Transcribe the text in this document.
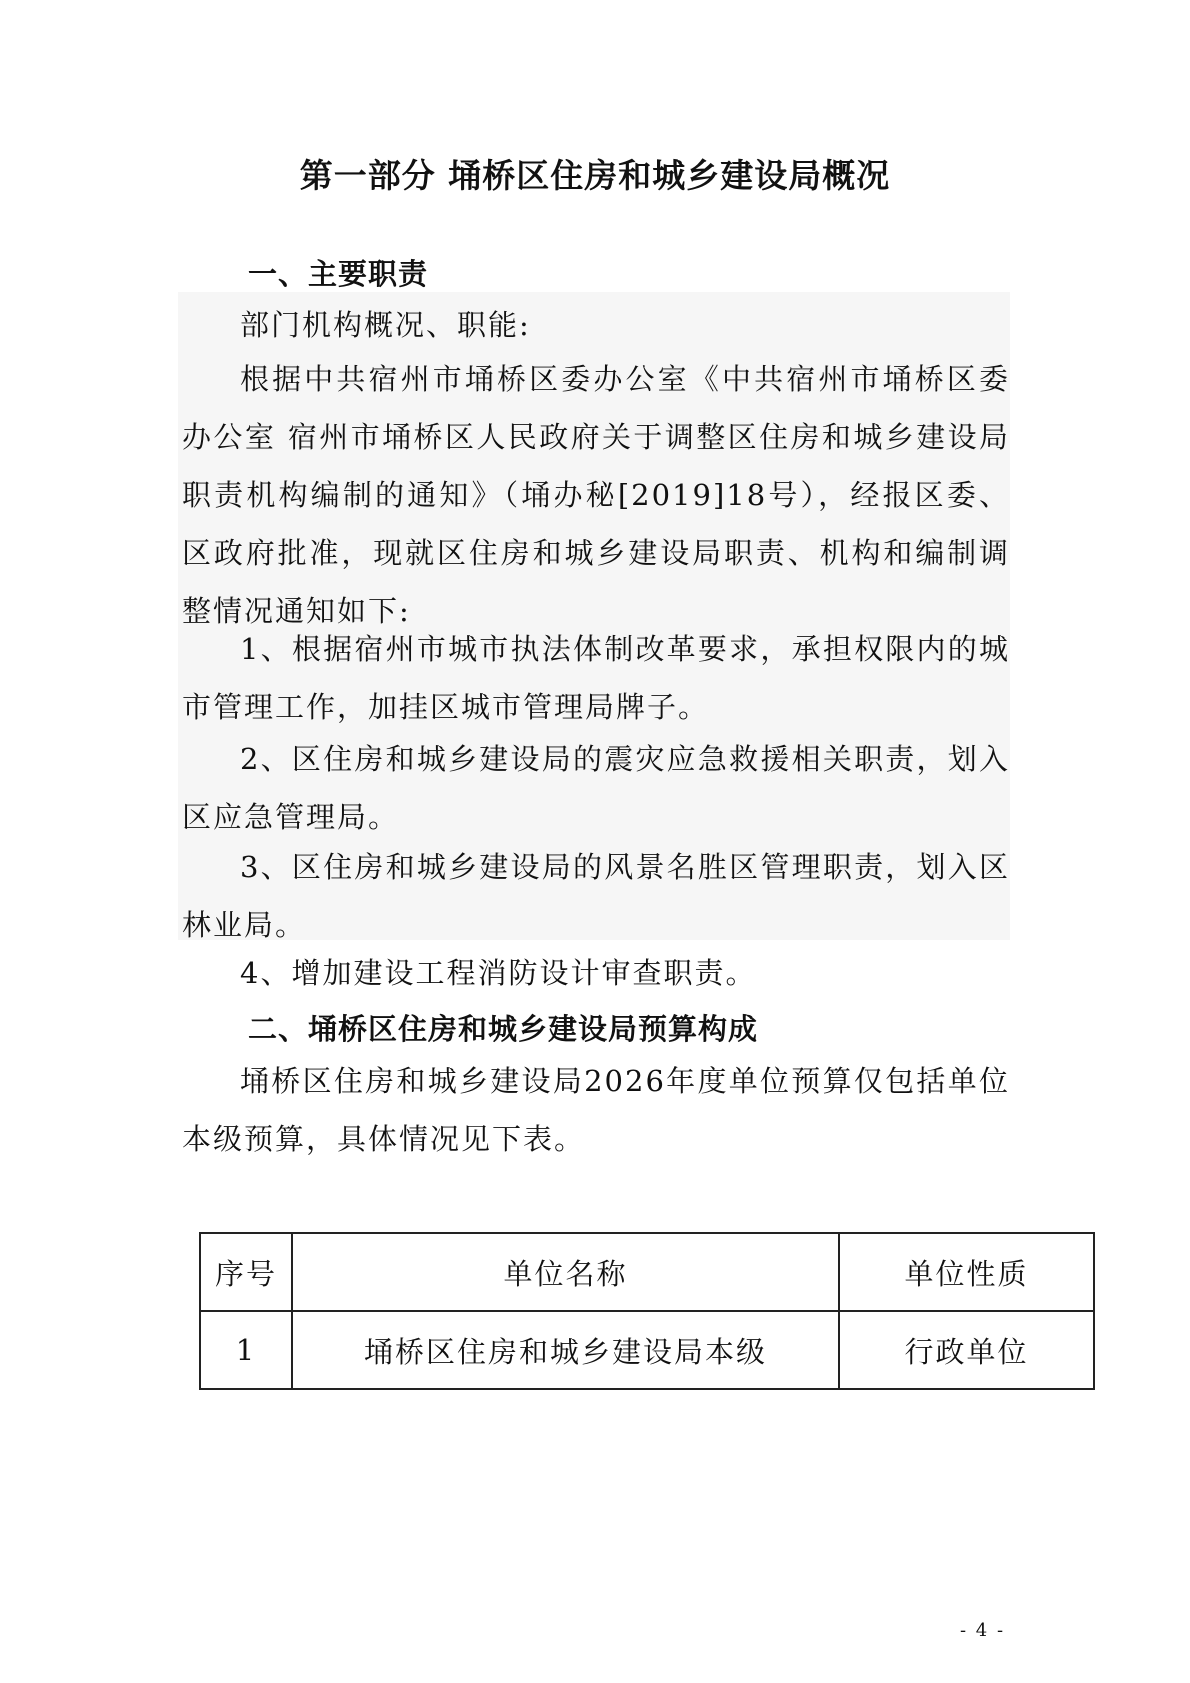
第一部分 埇桥区住房和城乡建设局概况
一、主要职责

部门机构概况、职能:

根据中共宿州市埇桥区委办公室《中共宿州市埇桥区委办公室 宿州市埇桥区人民政府关于调整区住房和城乡建设局职责机构编制的通知》（埇办秘[2019]18号），经报区委、区政府批准，现就区住房和城乡建设局职责、机构和编制调整情况通知如下:

1、根据宿州市城市执法体制改革要求，承担权限内的城市管理工作，加挂区城市管理局牌子。

2、区住房和城乡建设局的震灾应急救援相关职责，划入区应急管理局。

3、区住房和城乡建设局的风景名胜区管理职责，划入区林业局。

4、增加建设工程消防设计审查职责。

二、埇桥区住房和城乡建设局预算构成

埇桥区住房和城乡建设局2026年度单位预算仅包括单位本级预算，具体情况见下表。

序号	单位名称	单位性质
1	埇桥区住房和城乡建设局本级	行政单位
- 4 -
